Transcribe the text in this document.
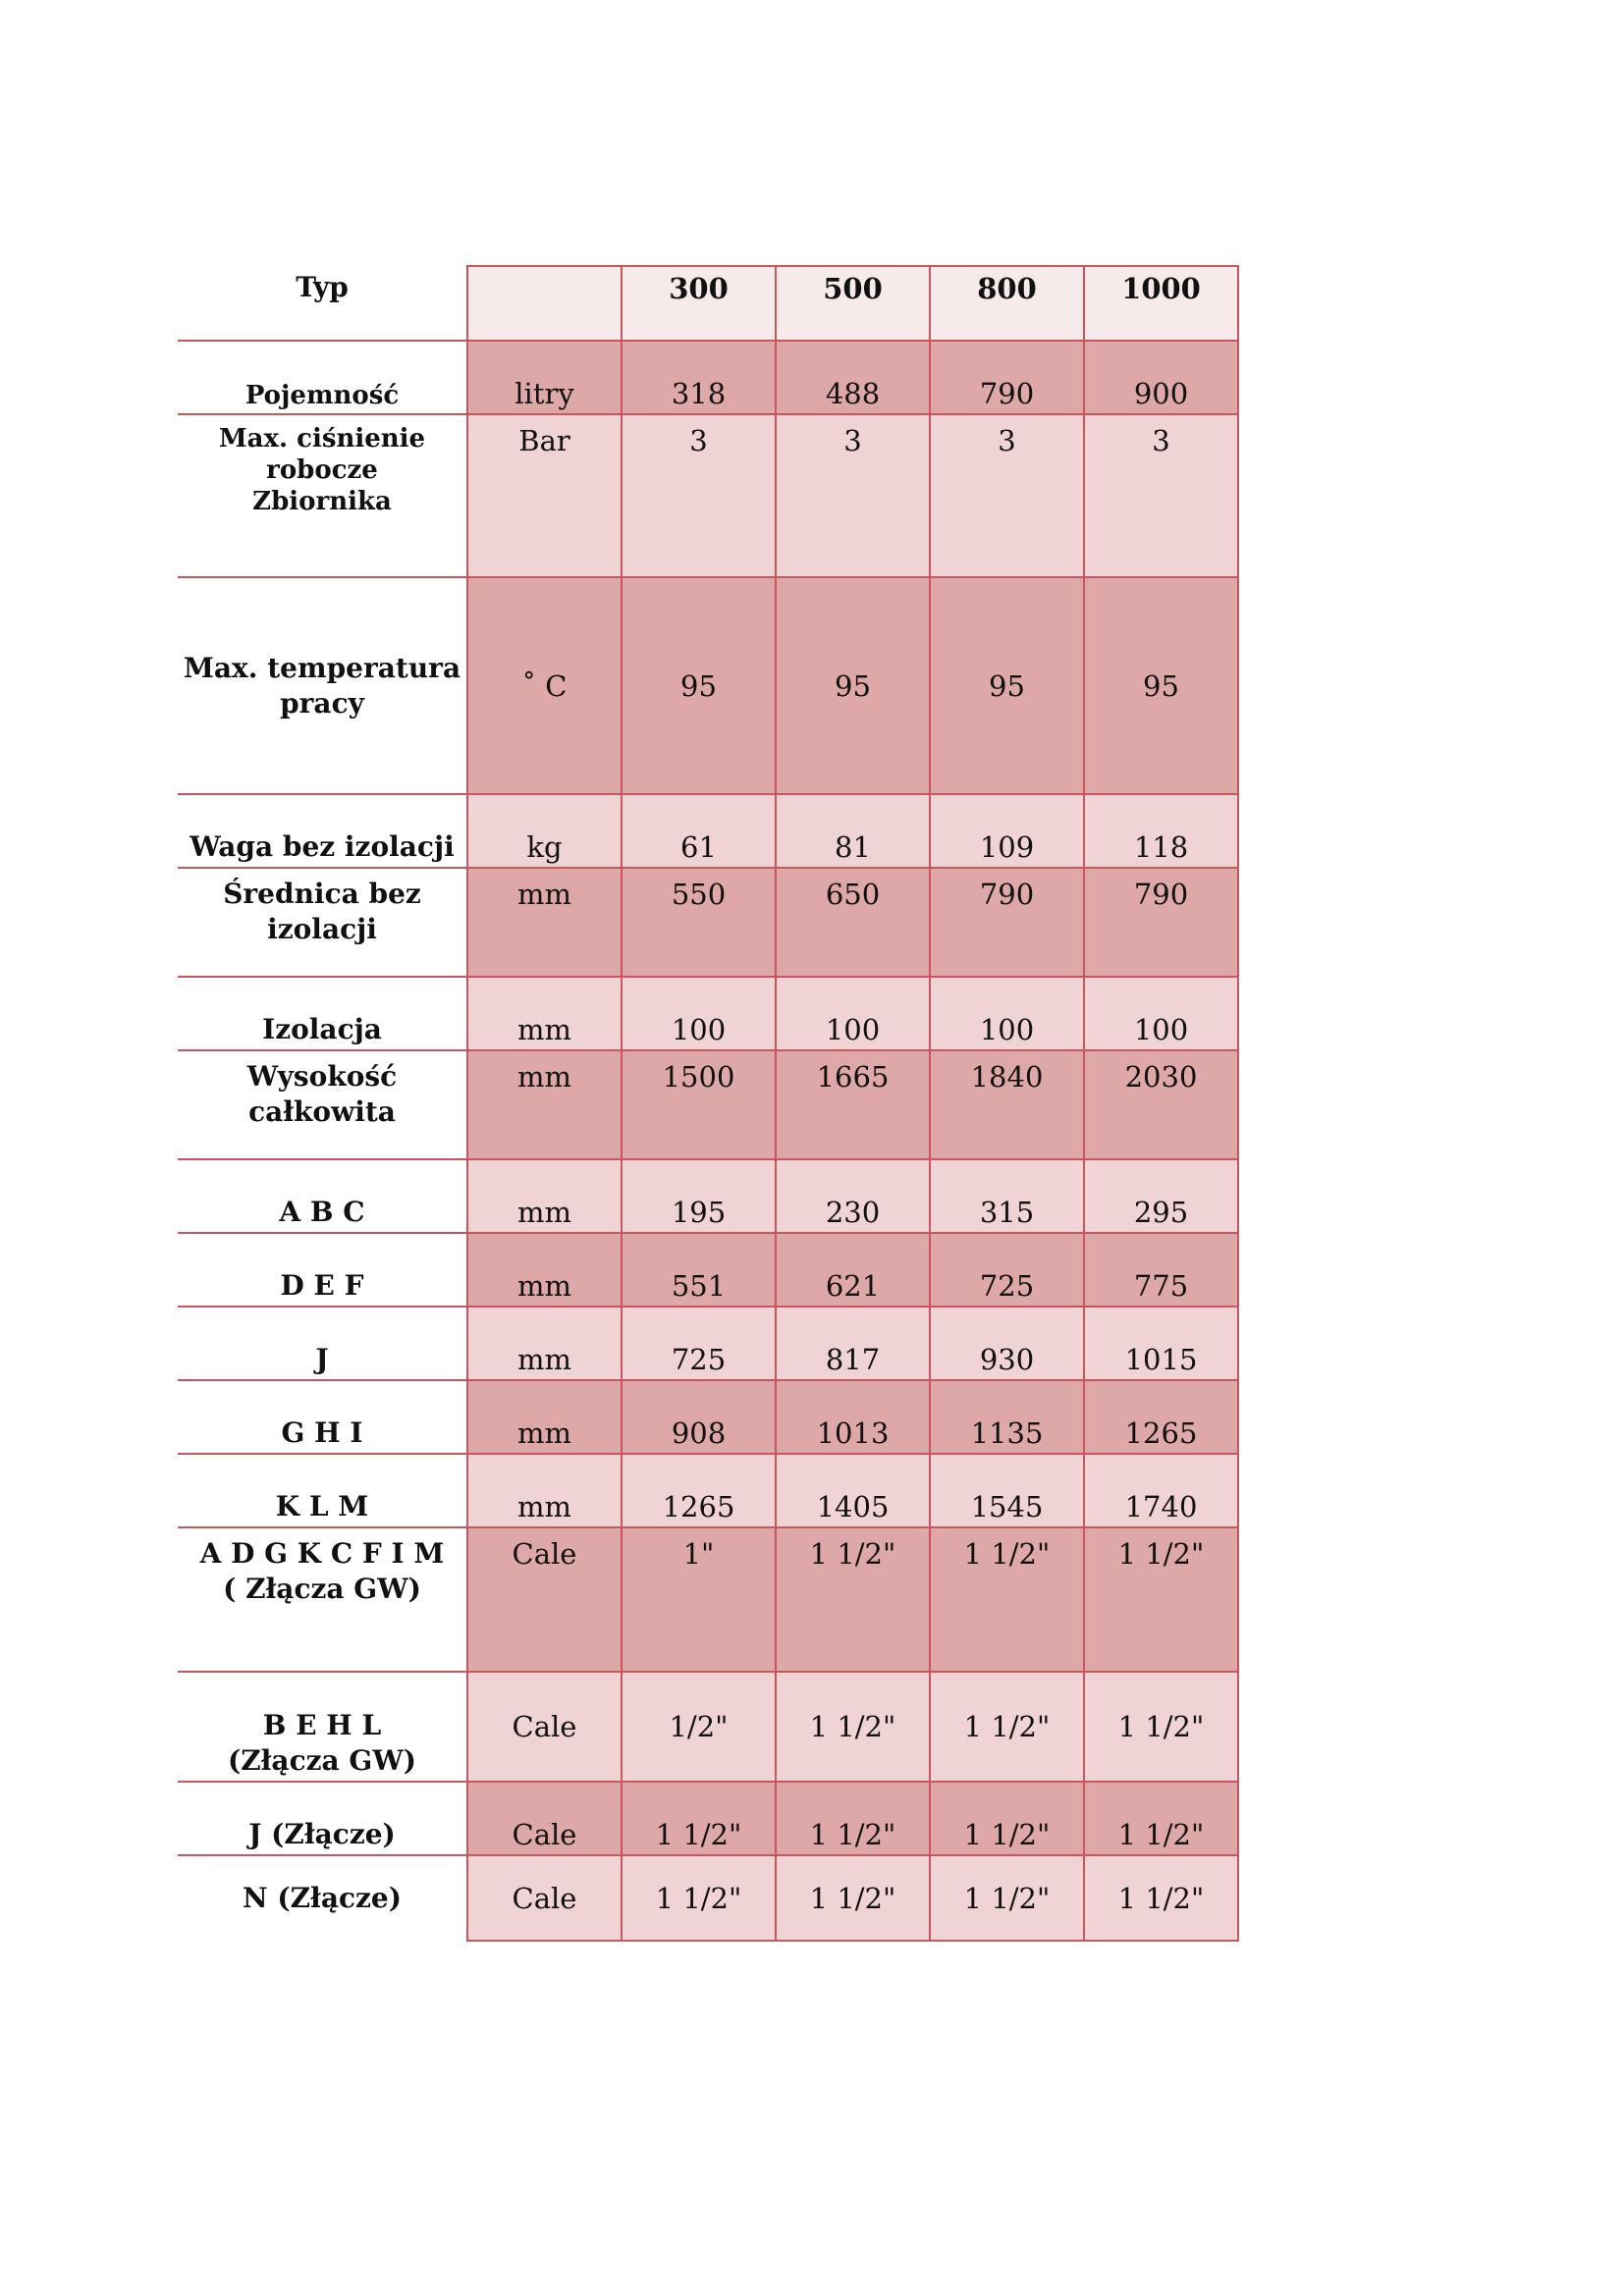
Typ		300	500	800	1000

Pojemność	litry	318	488	790	900

Max. ciśnienie
robocze
Zbiornika	Bar	3	3	3	3

Max. temperatura
pracy	˚ C	95	95	95	95

Waga bez izolacji	kg	61	81	109	118

Średnica bez
izolacji	mm	550	650	790	790

Izolacja	mm	100	100	100	100

Wysokość
całkowita	mm	1500	1665	1840	2030

A B C	mm	195	230	315	295

D E F	mm	551	621	725	775

J	mm	725	817	930	1015

G H I	mm	908	1013	1135	1265

K L M	mm	1265	1405	1545	1740

A D G K C F I M
( Złącza GW)	Cale	1"	1 1/2"	1 1/2"	1 1/2"

B E H L
(Złącza GW)	Cale	1/2"	1 1/2"	1 1/2"	1 1/2"

J (Złącze)	Cale	1 1/2"	1 1/2"	1 1/2"	1 1/2"

N (Złącze)	Cale	1 1/2"	1 1/2"	1 1/2"	1 1/2"
